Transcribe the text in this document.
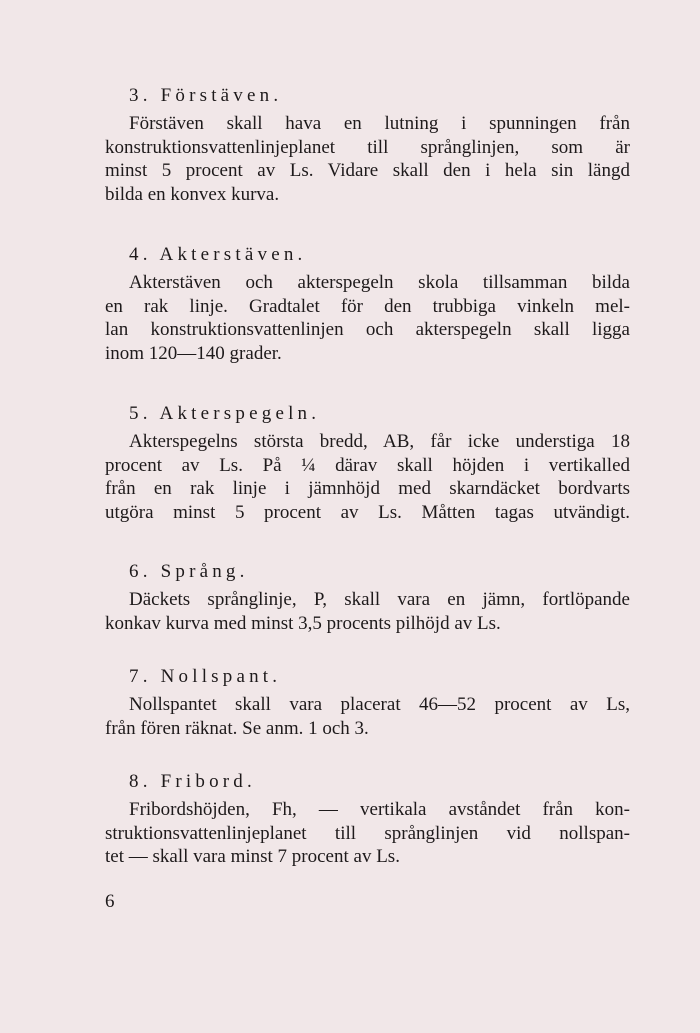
3. Förstäven.
Förstäven skall hava en lutning i spunningen från
konstruktionsvattenlinjeplanet till språnglinjen, som är
minst 5 procent av Ls. Vidare skall den i hela sin längd
bilda en konvex kurva.
4. Akterstäven.
Akterstäven och akterspegeln skola tillsamman bilda
en rak linje. Gradtalet för den trubbiga vinkeln mel-
lan konstruktionsvattenlinjen och akterspegeln skall ligga
inom 120—140 grader.
5. Akterspegeln.
Akterspegelns största bredd, AB, får icke understiga 18
procent av Ls. På ¼ därav skall höjden i vertikalled
från en rak linje i jämnhöjd med skarndäcket bordvarts
utgöra minst 5 procent av Ls. Måtten tagas utvändigt.
6. Språng.
Däckets språnglinje, P, skall vara en jämn, fortlöpande
konkav kurva med minst 3,5 procents pilhöjd av Ls.
7. Nollspant.
Nollspantet skall vara placerat 46—52 procent av Ls,
från fören räknat. Se anm. 1 och 3.
8. Fribord.
Fribordshöjden, Fh, — vertikala avståndet från kon-
struktionsvattenlinjeplanet till språnglinjen vid nollspan-
tet — skall vara minst 7 procent av Ls.
6
